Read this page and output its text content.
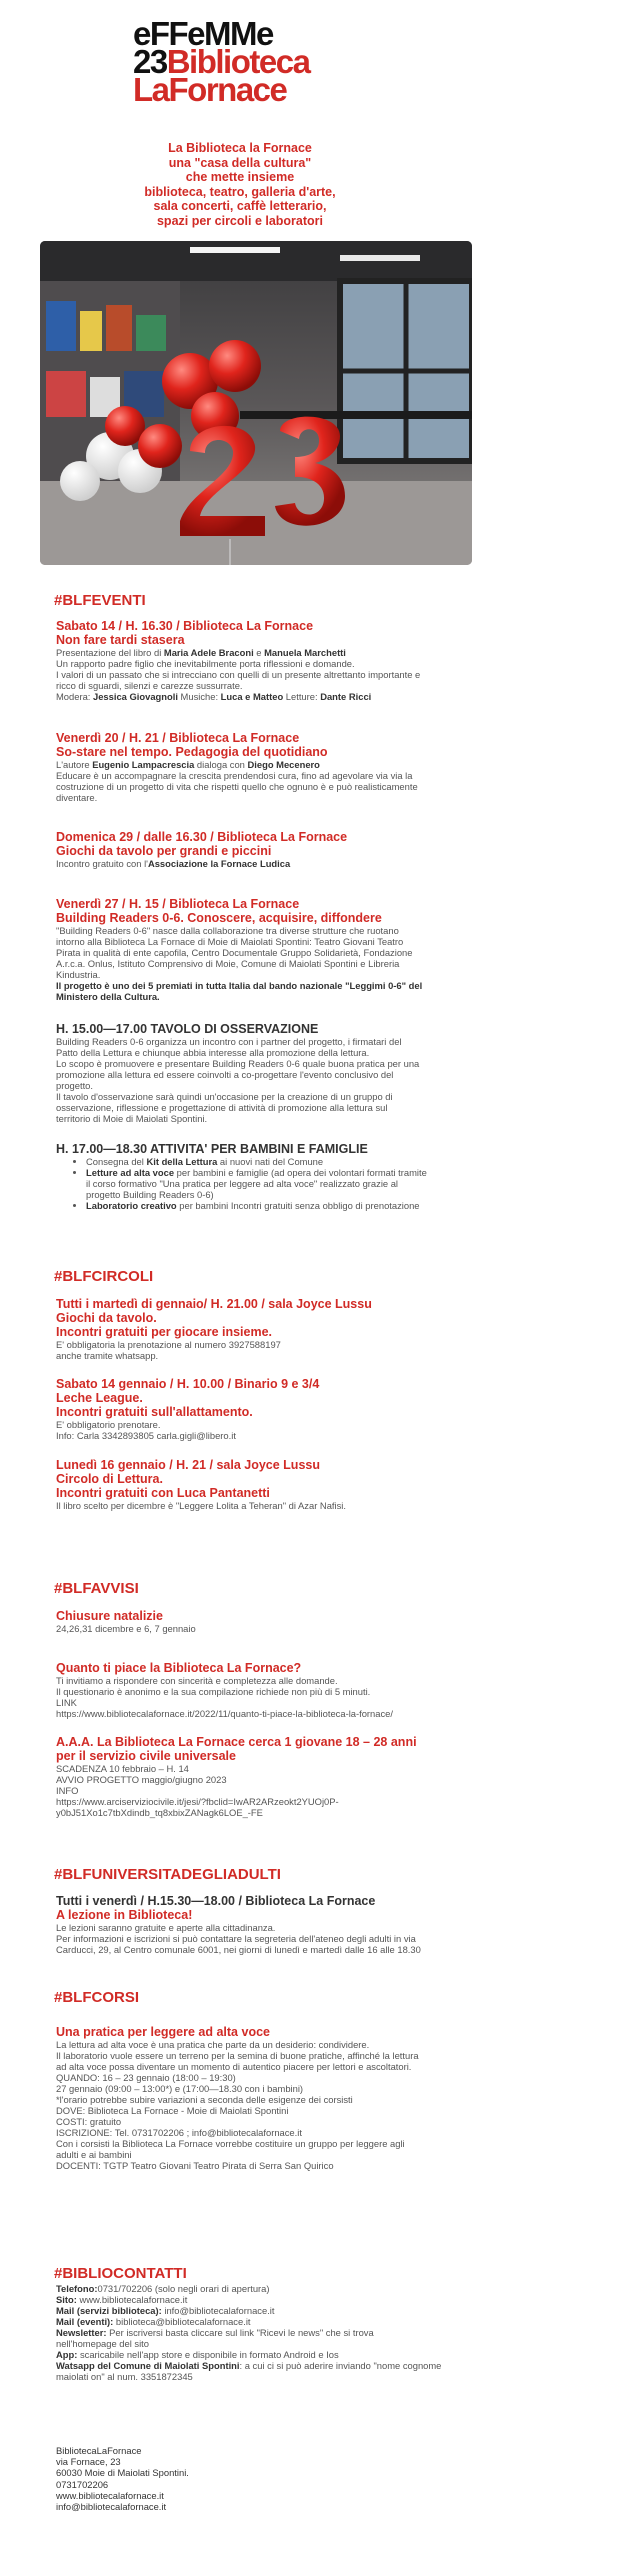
eFFeMMe
23Biblioteca
LaFornace
La Biblioteca la Fornace
una "casa della cultura"
che mette insieme
biblioteca, teatro, galleria d'arte,
sala concerti, caffè letterario,
spazi per circoli e laboratori
#BLFEVENTI
Sabato 14 / H. 16.30 / Biblioteca La Fornace
Non fare tardi stasera
Presentazione del libro di Maria Adele Braconi e Manuela Marchetti
Un rapporto padre figlio che inevitabilmente porta riflessioni e domande.
I valori di un passato che si intrecciano con quelli di un presente altrettanto importante e
ricco di sguardi, silenzi e carezze sussurrate.
Modera: Jessica Giovagnoli Musiche: Luca e Matteo Letture: Dante Ricci
Venerdì 20 / H. 21 / Biblioteca La Fornace
So-stare nel tempo. Pedagogia del quotidiano
L'autore Eugenio Lampacrescia dialoga con Diego Mecenero
Educare è un accompagnare la crescita prendendosi cura, fino ad agevolare via via la
costruzione di un progetto di vita che rispetti quello che ognuno è e può realisticamente
diventare.
Domenica 29 / dalle 16.30 / Biblioteca La Fornace
Giochi da tavolo per grandi e piccini
Incontro gratuito con l'Associazione la Fornace Ludica
Venerdì 27 / H. 15 / Biblioteca La Fornace
Building Readers 0-6. Conoscere, acquisire, diffondere
"Building Readers 0-6" nasce dalla collaborazione tra diverse strutture che ruotano
intorno alla Biblioteca La Fornace di Moie di Maiolati Spontini: Teatro Giovani Teatro
Pirata in qualità di ente capofila, Centro Documentale Gruppo Solidarietà, Fondazione
A.r.c.a. Onlus, Istituto Comprensivo di Moie, Comune di Maiolati Spontini e Libreria
Kindustria.
Il progetto è uno dei 5 premiati in tutta Italia dal bando nazionale "Leggimi 0-6" del
Ministero della Cultura.
H. 15.00—17.00 TAVOLO DI OSSERVAZIONE
Building Readers 0-6 organizza un incontro con i partner del progetto, i firmatari del
Patto della Lettura e chiunque abbia interesse alla promozione della lettura.
Lo scopo è promuovere e presentare Building Readers 0-6 quale buona pratica per una
promozione alla lettura ed essere coinvolti a co-progettare l'evento conclusivo del
progetto.
Il tavolo d'osservazione sarà quindi un'occasione per la creazione di un gruppo di
osservazione, riflessione e progettazione di attività di promozione alla lettura sul
territorio di Moie di Maiolati Spontini.
H. 17.00—18.30 ATTIVITA' PER BAMBINI E FAMIGLIE
• Consegna del Kit della Lettura ai nuovi nati del Comune
• Letture ad alta voce per bambini e famiglie (ad opera dei volontari formati tramite
il corso formativo "Una pratica per leggere ad alta voce" realizzato grazie al
progetto Building Readers 0-6)
• Laboratorio creativo per bambini Incontri gratuiti senza obbligo di prenotazione
#BLFCIRCOLI
Tutti i martedì di gennaio/ H. 21.00 / sala Joyce Lussu
Giochi da tavolo.
Incontri gratuiti per giocare insieme.
E' obbligatoria la prenotazione al numero 3927588197
anche tramite whatsapp.
Sabato 14 gennaio / H. 10.00 / Binario 9 e 3/4
Leche League.
Incontri gratuiti sull'allattamento.
E' obbligatorio prenotare.
Info: Carla 3342893805 carla.gigli@libero.it
Lunedì 16 gennaio / H. 21 / sala Joyce Lussu
Circolo di Lettura.
Incontri gratuiti con Luca Pantanetti
Il libro scelto per dicembre è "Leggere Lolita a Teheran" di Azar Nafisi.
#BLFAVVISI
Chiusure natalizie
24,26,31 dicembre e 6, 7 gennaio
Quanto ti piace la Biblioteca La Fornace?
Ti invitiamo a rispondere con sincerità e completezza alle domande.
Il questionario è anonimo e la sua compilazione richiede non più di 5 minuti.
LINK
https://www.bibliotecalafornace.it/2022/11/quanto-ti-piace-la-biblioteca-la-fornace/
A.A.A. La Biblioteca La Fornace cerca 1 giovane 18 – 28 anni
per il servizio civile universale
SCADENZA 10 febbraio – H. 14
AVVIO PROGETTO maggio/giugno 2023
INFO
https://www.arciserviziocivile.it/jesi/?fbclid=IwAR2ARzeokt2YUOj0P-
y0bJ51Xo1c7tbXdindb_tq8xbixZANagk6LOE_-FE
#BLFUNIVERSITADEGLIADULTI
Tutti i venerdì / H.15.30—18.00 / Biblioteca La Fornace
A lezione in Biblioteca!
Le lezioni saranno gratuite e aperte alla cittadinanza.
Per informazioni e iscrizioni si può contattare la segreteria dell'ateneo degli adulti in via
Carducci, 29, al Centro comunale 6001, nei giorni di lunedì e martedì dalle 16 alle 18.30
#BLFCORSI
Una pratica per leggere ad alta voce
La lettura ad alta voce è una pratica che parte da un desiderio: condividere.
Il laboratorio vuole essere un terreno per la semina di buone pratiche, affinché la lettura
ad alta voce possa diventare un momento di autentico piacere per lettori e ascoltatori.
QUANDO: 16 – 23 gennaio (18:00 – 19:30)
27 gennaio (09:00 – 13:00*) e (17:00—18.30 con i bambini)
*l'orario potrebbe subire variazioni a seconda delle esigenze dei corsisti
DOVE: Biblioteca La Fornace - Moie di Maiolati Spontini
COSTI: gratuito
ISCRIZIONE: Tel. 0731702206 ; info@bibliotecalafornace.it
Con i corsisti la Biblioteca La Fornace vorrebbe costituire un gruppo per leggere agli
adulti e ai bambini
DOCENTI: TGTP Teatro Giovani Teatro Pirata di Serra San Quirico
#BIBLIOCONTATTI
Telefono:0731/702206 (solo negli orari di apertura)
Sito: www.bibliotecalafornace.it
Mail (servizi biblioteca): info@bibliotecalafornace.it
Mail (eventi): biblioteca@bibliotecalafornace.it
Newsletter: Per iscriversi basta cliccare sul link "Ricevi le news" che si trova
nell'homepage del sito
App: scaricabile nell'app store e disponibile in formato Android e Ios
Watsapp del Comune di Maiolati Spontini: a cui ci si può aderire inviando "nome cognome
maiolati on" al num. 3351872345
BibliotecaLaFornace
via Fornace, 23
60030 Moie di Maiolati Spontini.
0731702206
www.bibliotecalafornace.it
info@bibliotecalafornace.it
